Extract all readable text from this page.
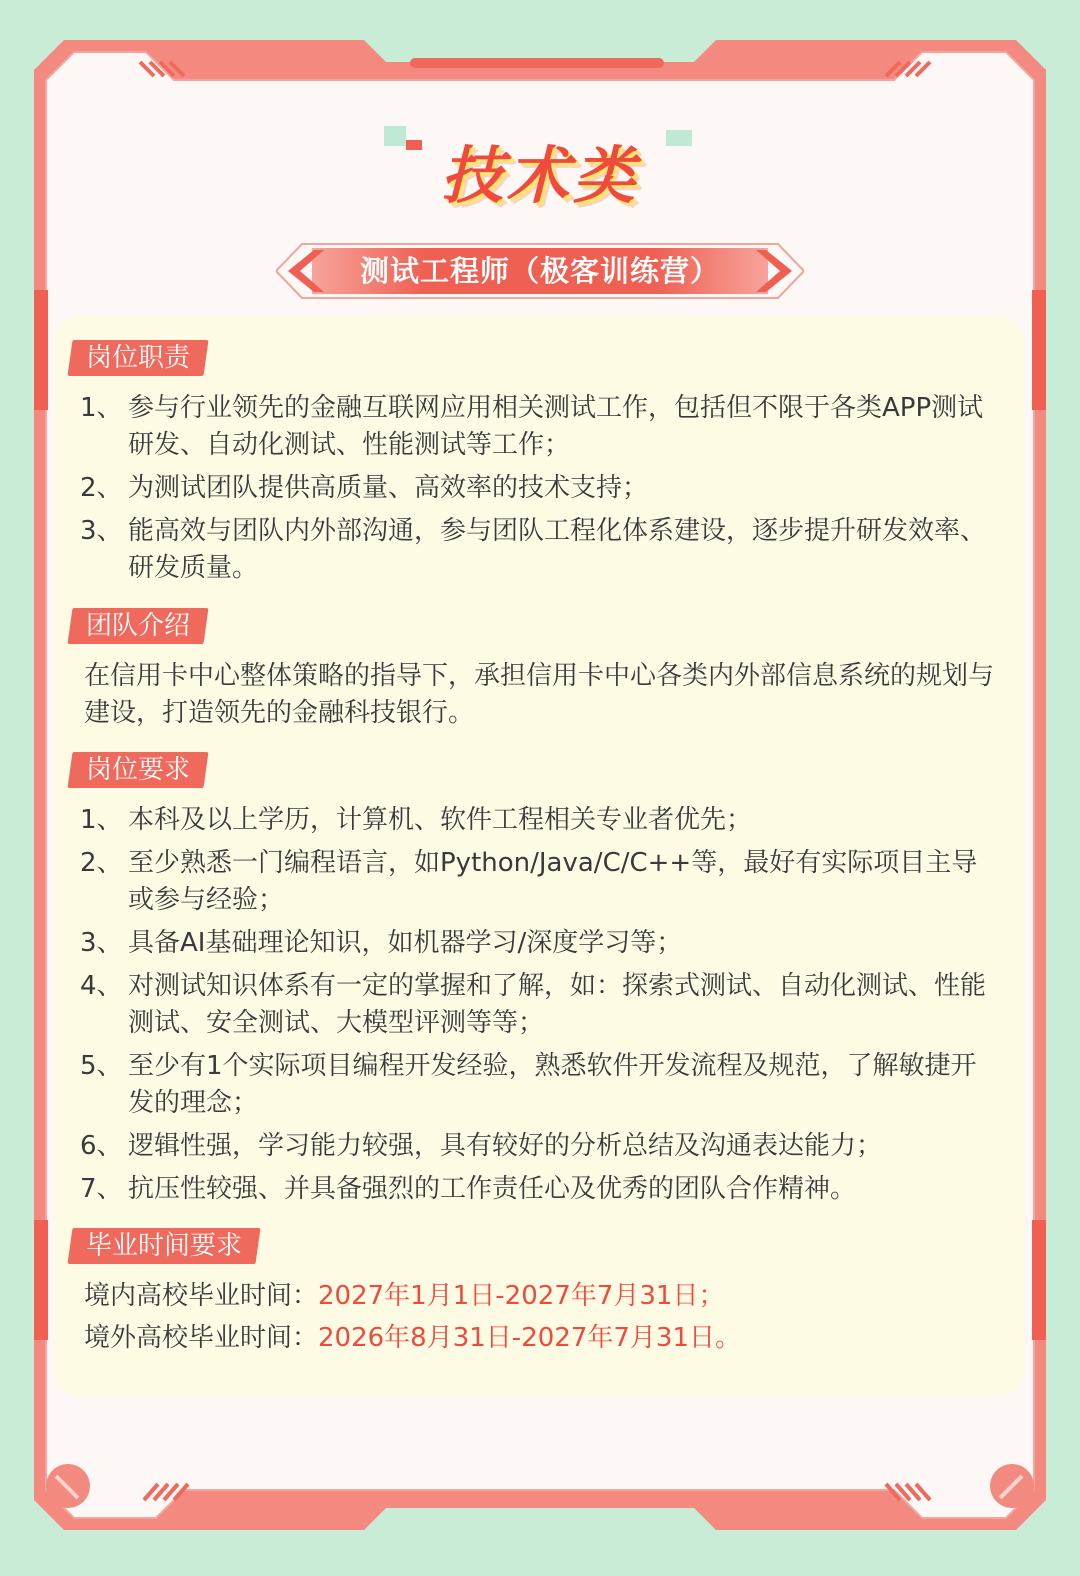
技术类
测试工程师（极客训练营）
岗位职责
1、 参与行业领先的金融互联网应用相关测试工作，包括但不限于各类APP测试研发、自动化测试、性能测试等工作；
2、 为测试团队提供高质量、高效率的技术支持；
3、 能高效与团队内外部沟通，参与团队工程化体系建设，逐步提升研发效率、研发质量。
团队介绍
在信用卡中心整体策略的指导下，承担信用卡中心各类内外部信息系统的规划与建设，打造领先的金融科技银行。
岗位要求
1、 本科及以上学历，计算机、软件工程相关专业者优先；
2、 至少熟悉一门编程语言，如Python/Java/C/C++等，最好有实际项目主导或参与经验；
3、 具备AI基础理论知识，如机器学习/深度学习等；
4、 对测试知识体系有一定的掌握和了解，如：探索式测试、自动化测试、性能测试、安全测试、大模型评测等等；
5、 至少有1个实际项目编程开发经验，熟悉软件开发流程及规范，了解敏捷开发的理念；
6、 逻辑性强，学习能力较强，具有较好的分析总结及沟通表达能力；
7、 抗压性较强、并具备强烈的工作责任心及优秀的团队合作精神。
毕业时间要求
境内高校毕业时间：2027年1月1日-2027年7月31日；
境外高校毕业时间：2026年8月31日-2027年7月31日。
